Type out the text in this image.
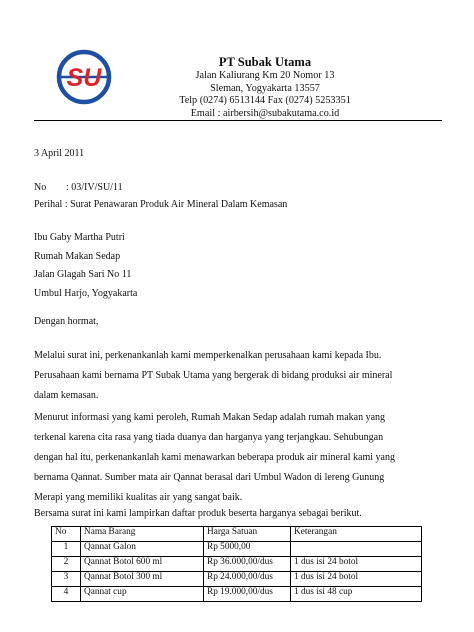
SU
PT Subak Utama
Jalan Kaliurang Km 20 Nomor 13
Sleman, Yogyakarta 13557
Telp (0274) 6513144 Fax (0274) 5253351
Email : airbersih@subakutama.co.id
3 April 2011
No	: 03/IV/SU/11
Perihal : Surat Penawaran Produk Air Mineral Dalam Kemasan
Ibu Gaby Martha Putri
Rumah Makan Sedap
Jalan Glagah Sari No 11
Umbul Harjo, Yogyakarta
Dengan hormat,
Melalui surat ini, perkenankanlah kami memperkenalkan perusahaan kami kepada Ibu. Perusahaan kami bernama PT Subak Utama yang bergerak di bidang produksi air mineral dalam kemasan.
Menurut informasi yang kami peroleh, Rumah Makan Sedap adalah rumah makan yang terkenal karena cita rasa yang tiada duanya dan harganya yang terjangkau. Sehubungan dengan hal itu, perkenankanlah kami menawarkan beberapa produk air mineral kami yang bernama Qannat. Sumber mata air Qannat berasal dari Umbul Wadon di lereng Gunung Merapi yang memiliki kualitas air yang sangat baik.
Bersama surat ini kami lampirkan daftar produk beserta harganya sebagai berikut.
No	Nama Barang	Harga Satuan	Keterangan
1	Qannat Galon	Rp 5000,00	
2	Qannat Botol 600 ml	Rp 36.000,00/dus	1 dus isi 24 botol
3	Qannat Botol 300 ml	Rp 24.000,00/dus	1 dus isi 24 botol
4	Qannat cup	Rp 19.000,00/dus	1 dus isi 48 cup
